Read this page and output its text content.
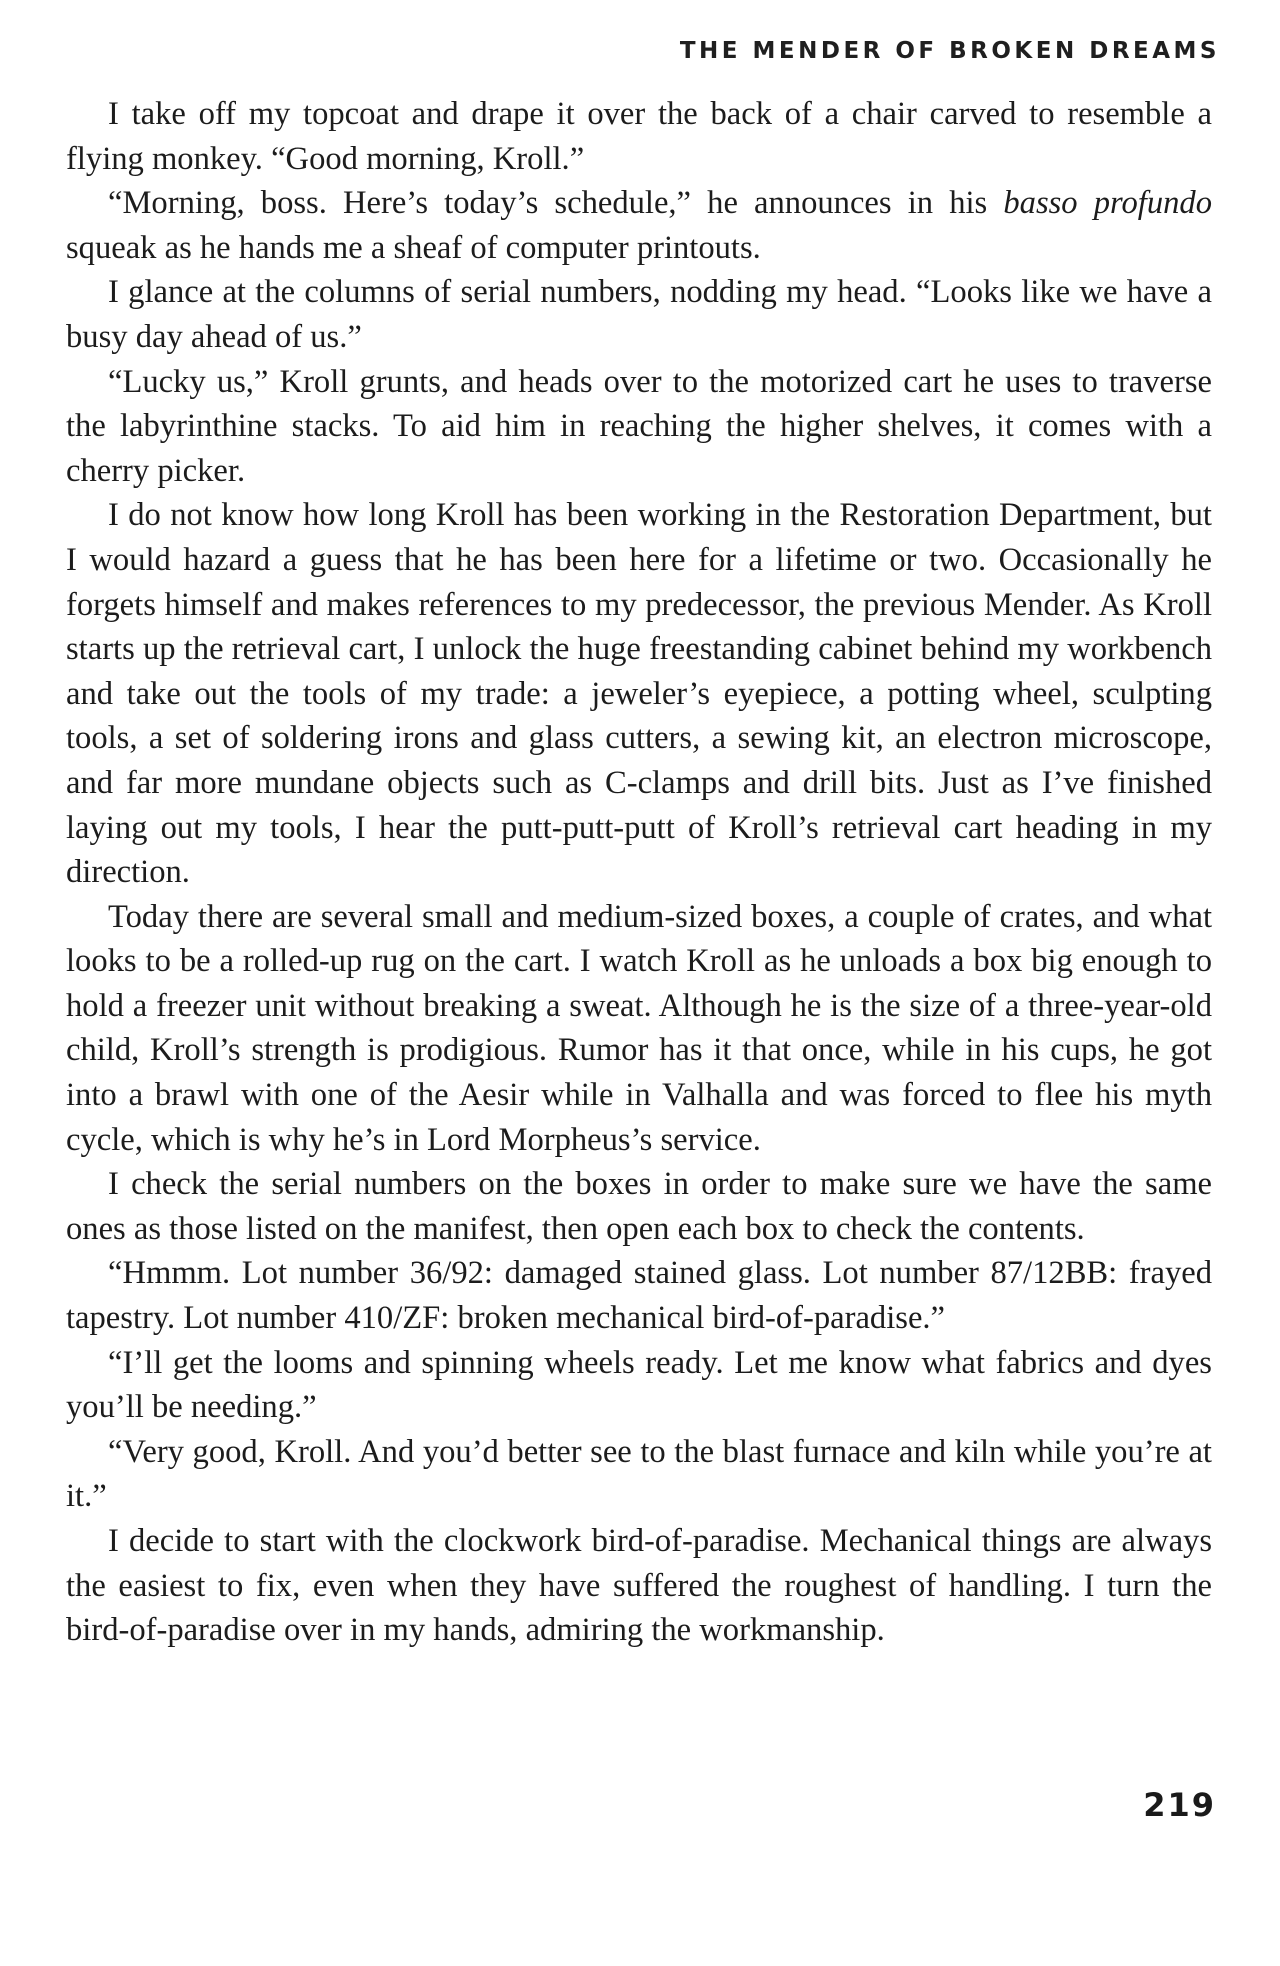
THE MENDER OF BROKEN DREAMS

I take off my topcoat and drape it over the back of a chair carved to resemble a flying monkey. “Good morning, Kroll.”

“Morning, boss. Here’s today’s schedule,” he announces in his basso profundo squeak as he hands me a sheaf of computer printouts.

I glance at the columns of serial numbers, nodding my head. “Looks like we have a busy day ahead of us.”

“Lucky us,” Kroll grunts, and heads over to the motorized cart he uses to traverse the labyrinthine stacks. To aid him in reaching the higher shelves, it comes with a cherry picker.

I do not know how long Kroll has been working in the Restoration Department, but I would hazard a guess that he has been here for a lifetime or two. Occasionally he forgets himself and makes references to my predecessor, the previous Mender. As Kroll starts up the retrieval cart, I unlock the huge freestanding cabinet behind my workbench and take out the tools of my trade: a jeweler’s eyepiece, a potting wheel, sculpting tools, a set of soldering irons and glass cutters, a sewing kit, an electron microscope, and far more mundane objects such as C-clamps and drill bits. Just as I’ve finished laying out my tools, I hear the putt-putt-putt of Kroll’s retrieval cart heading in my direction.

Today there are several small and medium-sized boxes, a couple of crates, and what looks to be a rolled-up rug on the cart. I watch Kroll as he unloads a box big enough to hold a freezer unit without breaking a sweat. Although he is the size of a three-year-old child, Kroll’s strength is prodigious. Rumor has it that once, while in his cups, he got into a brawl with one of the Aesir while in Valhalla and was forced to flee his myth cycle, which is why he’s in Lord Morpheus’s service.

I check the serial numbers on the boxes in order to make sure we have the same ones as those listed on the manifest, then open each box to check the contents.

“Hmmm. Lot number 36/92: damaged stained glass. Lot number 87/12BB: frayed tapestry. Lot number 410/ZF: broken mechanical bird-of-paradise.”

“I’ll get the looms and spinning wheels ready. Let me know what fabrics and dyes you’ll be needing.”

“Very good, Kroll. And you’d better see to the blast furnace and kiln while you’re at it.”

I decide to start with the clockwork bird-of-paradise. Mechanical things are always the easiest to fix, even when they have suffered the roughest of handling. I turn the bird-of-paradise over in my hands, admiring the workmanship.

219
